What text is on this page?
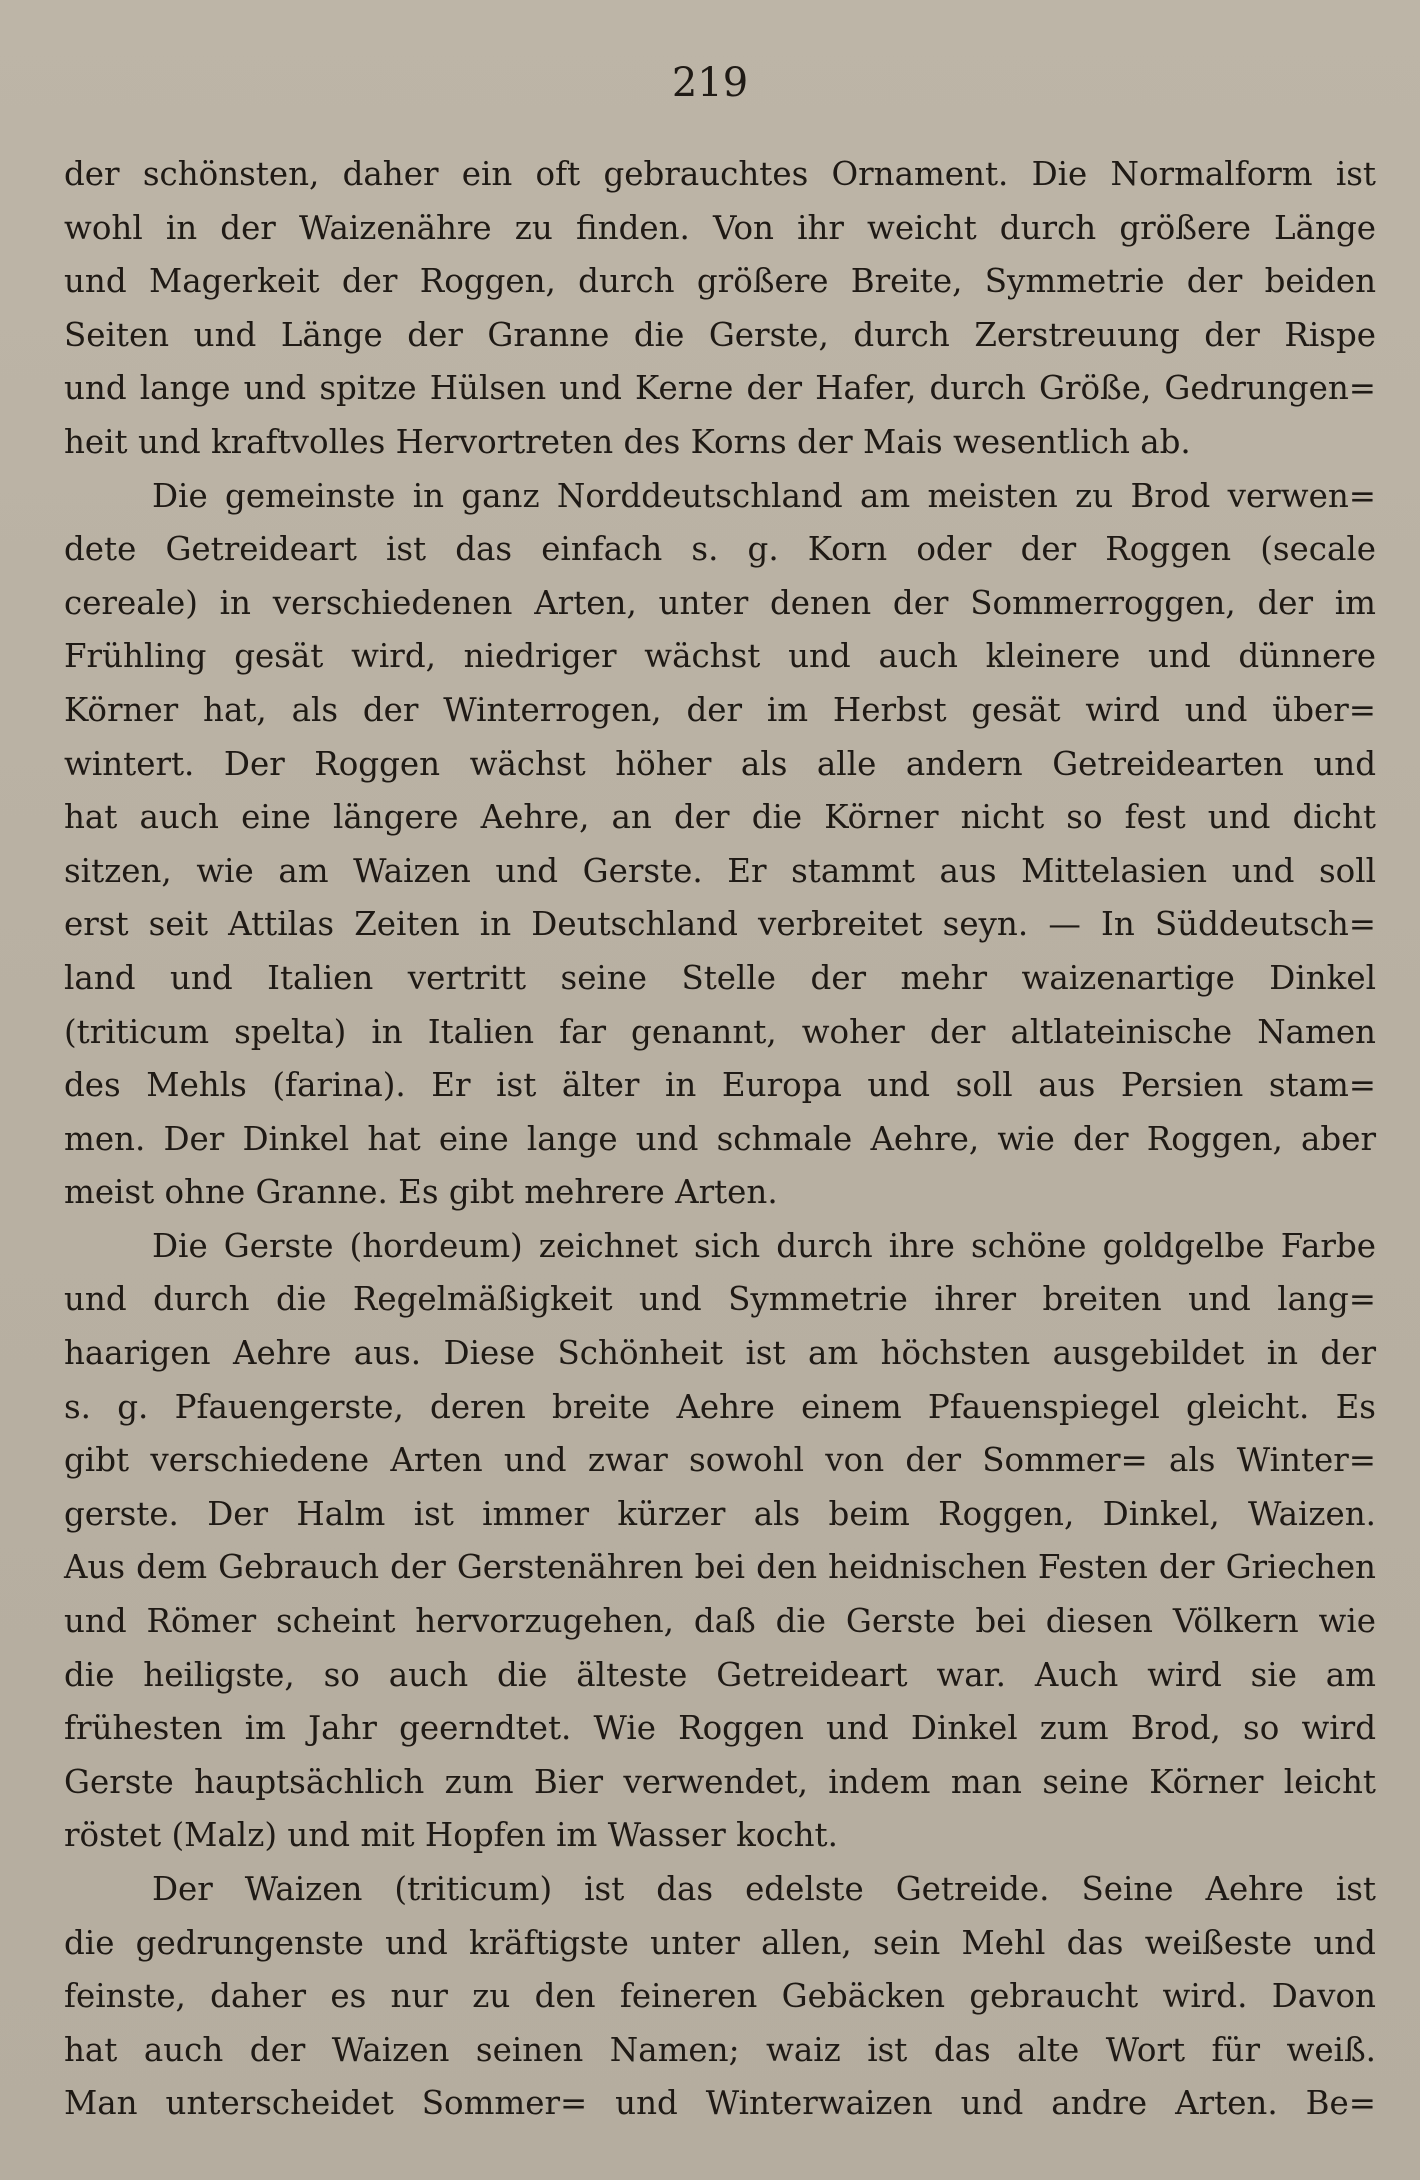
219
der schönsten, daher ein oft gebrauchtes Ornament. Die Normalform ist
wohl in der Waizenähre zu finden. Von ihr weicht durch größere Länge
und Magerkeit der Roggen, durch größere Breite, Symmetrie der beiden
Seiten und Länge der Granne die Gerste, durch Zerstreuung der Rispe
und lange und spitze Hülsen und Kerne der Hafer, durch Größe, Gedrungen=
heit und kraftvolles Hervortreten des Korns der Mais wesentlich ab.
Die gemeinste in ganz Norddeutschland am meisten zu Brod verwen=
dete Getreideart ist das einfach s. g. Korn oder der Roggen (secale
cereale) in verschiedenen Arten, unter denen der Sommerroggen, der im
Frühling gesät wird, niedriger wächst und auch kleinere und dünnere
Körner hat, als der Winterrogen, der im Herbst gesät wird und über=
wintert. Der Roggen wächst höher als alle andern Getreidearten und
hat auch eine längere Aehre, an der die Körner nicht so fest und dicht
sitzen, wie am Waizen und Gerste. Er stammt aus Mittelasien und soll
erst seit Attilas Zeiten in Deutschland verbreitet seyn. — In Süddeutsch=
land und Italien vertritt seine Stelle der mehr waizenartige Dinkel
(triticum spelta) in Italien far genannt, woher der altlateinische Namen
des Mehls (farina). Er ist älter in Europa und soll aus Persien stam=
men. Der Dinkel hat eine lange und schmale Aehre, wie der Roggen, aber
meist ohne Granne. Es gibt mehrere Arten.
Die Gerste (hordeum) zeichnet sich durch ihre schöne goldgelbe Farbe
und durch die Regelmäßigkeit und Symmetrie ihrer breiten und lang=
haarigen Aehre aus. Diese Schönheit ist am höchsten ausgebildet in der
s. g. Pfauengerste, deren breite Aehre einem Pfauenspiegel gleicht. Es
gibt verschiedene Arten und zwar sowohl von der Sommer= als Winter=
gerste. Der Halm ist immer kürzer als beim Roggen, Dinkel, Waizen.
Aus dem Gebrauch der Gerstenähren bei den heidnischen Festen der Griechen
und Römer scheint hervorzugehen, daß die Gerste bei diesen Völkern wie
die heiligste, so auch die älteste Getreideart war. Auch wird sie am
frühesten im Jahr geerndtet. Wie Roggen und Dinkel zum Brod, so wird
Gerste hauptsächlich zum Bier verwendet, indem man seine Körner leicht
röstet (Malz) und mit Hopfen im Wasser kocht.
Der Waizen (triticum) ist das edelste Getreide. Seine Aehre ist
die gedrungenste und kräftigste unter allen, sein Mehl das weißeste und
feinste, daher es nur zu den feineren Gebäcken gebraucht wird. Davon
hat auch der Waizen seinen Namen; waiz ist das alte Wort für weiß.
Man unterscheidet Sommer= und Winterwaizen und andre Arten. Be=
